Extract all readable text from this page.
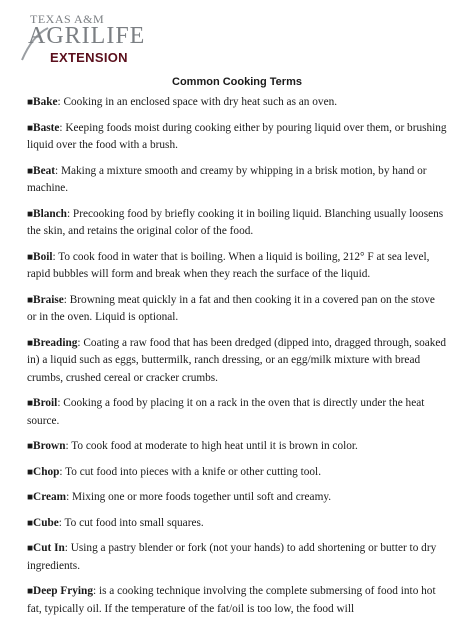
TEXAS A&M
AGRILIFE
EXTENSION
Common Cooking Terms

■Bake: Cooking in an enclosed space with dry heat such as an oven.

■Baste: Keeping foods moist during cooking either by pouring liquid over them, or brushing liquid over the food with a brush.

■Beat: Making a mixture smooth and creamy by whipping in a brisk motion, by hand or machine.

■Blanch: Precooking food by briefly cooking it in boiling liquid. Blanching usually loosens the skin, and retains the original color of the food.

■Boil: To cook food in water that is boiling. When a liquid is boiling, 212° F at sea level, rapid bubbles will form and break when they reach the surface of the liquid.

■Braise: Browning meat quickly in a fat and then cooking it in a covered pan on the stove or in the oven. Liquid is optional.

■Breading: Coating a raw food that has been dredged (dipped into, dragged through, soaked in) a liquid such as eggs, buttermilk, ranch dressing, or an egg/milk mixture with bread crumbs, crushed cereal or cracker crumbs.

■Broil: Cooking a food by placing it on a rack in the oven that is directly under the heat source.

■Brown: To cook food at moderate to high heat until it is brown in color.

■Chop: To cut food into pieces with a knife or other cutting tool.

■Cream: Mixing one or more foods together until soft and creamy.

■Cube: To cut food into small squares.

■Cut In: Using a pastry blender or fork (not your hands) to add shortening or butter to dry ingredients.

■Deep Frying: is a cooking technique involving the complete submersing of food into hot fat, typically oil. If the temperature of the fat/oil is too low, the food will
